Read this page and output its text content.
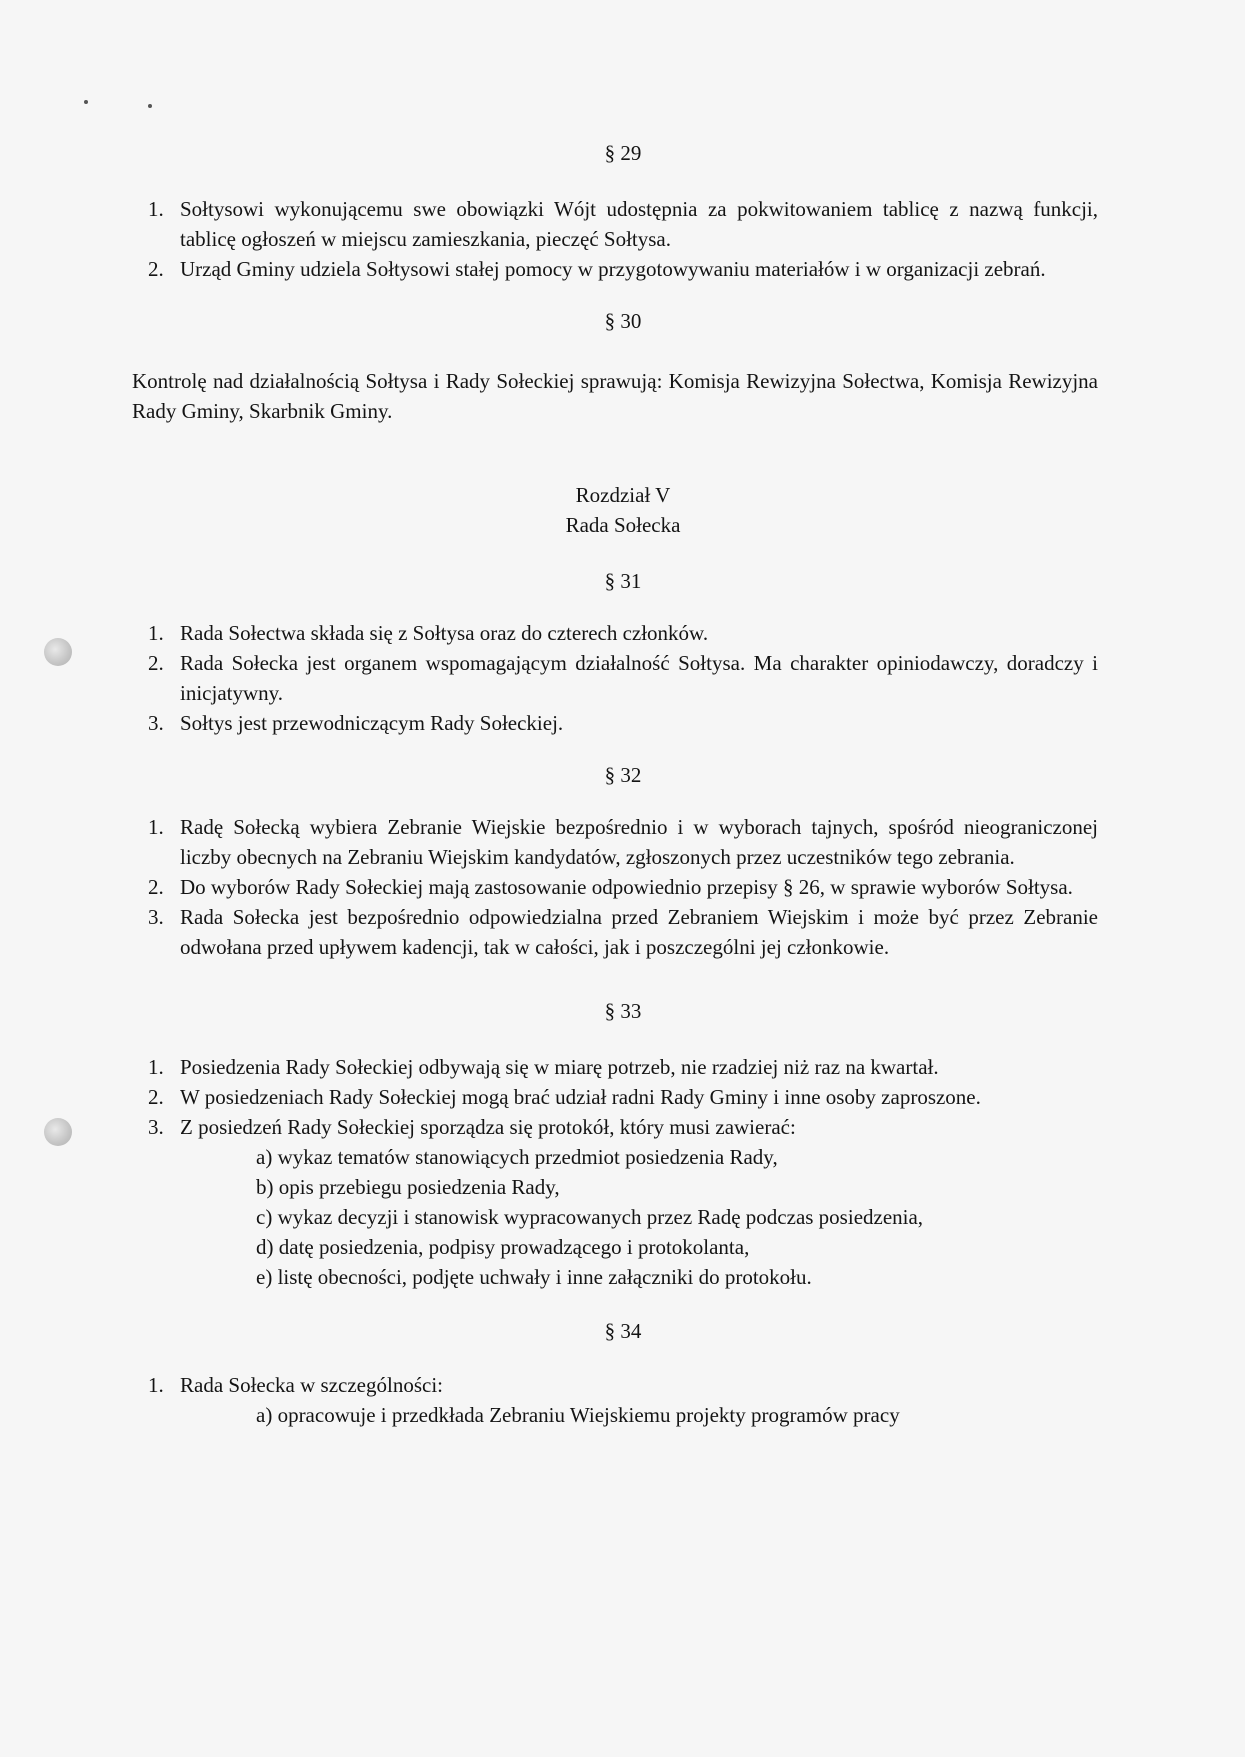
§ 29

1. Sołtysowi wykonującemu swe obowiązki Wójt udostępnia za pokwitowaniem tablicę z nazwą funkcji, tablicę ogłoszeń w miejscu zamieszkania, pieczęć Sołtysa.
2. Urząd Gminy udziela Sołtysowi stałej pomocy w przygotowywaniu materiałów i w organizacji zebrań.

§ 30

Kontrolę nad działalnością Sołtysa i Rady Sołeckiej sprawują: Komisja Rewizyjna Sołectwa, Komisja Rewizyjna Rady Gminy, Skarbnik Gminy.

Rozdział V

Rada Sołecka

§ 31

1. Rada Sołectwa składa się z Sołtysa oraz do czterech członków.
2. Rada Sołecka jest organem wspomagającym działalność Sołtysa. Ma charakter opiniodawczy, doradczy i inicjatywny.
3. Sołtys jest przewodniczącym Rady Sołeckiej.

§ 32

1. Radę Sołecką wybiera Zebranie Wiejskie bezpośrednio i w wyborach tajnych, spośród nieograniczonej liczby obecnych na Zebraniu Wiejskim kandydatów, zgłoszonych przez uczestników tego zebrania.
2. Do wyborów Rady Sołeckiej mają zastosowanie odpowiednio przepisy § 26, w sprawie wyborów Sołtysa.
3. Rada Sołecka jest bezpośrednio odpowiedzialna przed Zebraniem Wiejskim i może być przez Zebranie odwołana przed upływem kadencji, tak w całości, jak i poszczególni jej członkowie.

§ 33

1. Posiedzenia Rady Sołeckiej odbywają się w miarę potrzeb, nie rzadziej niż raz na kwartał.
2. W posiedzeniach Rady Sołeckiej mogą brać udział radni Rady Gminy i inne osoby zaproszone.
3. Z posiedzeń Rady Sołeckiej sporządza się protokół, który musi zawierać:
a) wykaz tematów stanowiących przedmiot posiedzenia Rady,
b) opis przebiegu posiedzenia Rady,
c) wykaz decyzji i stanowisk wypracowanych przez Radę podczas posiedzenia,
d) datę posiedzenia, podpisy prowadzącego i protokolanta,
e) listę obecności, podjęte uchwały i inne załączniki do protokołu.

§ 34

1. Rada Sołecka w szczególności:
a) opracowuje i przedkłada Zebraniu Wiejskiemu projekty programów pracy
